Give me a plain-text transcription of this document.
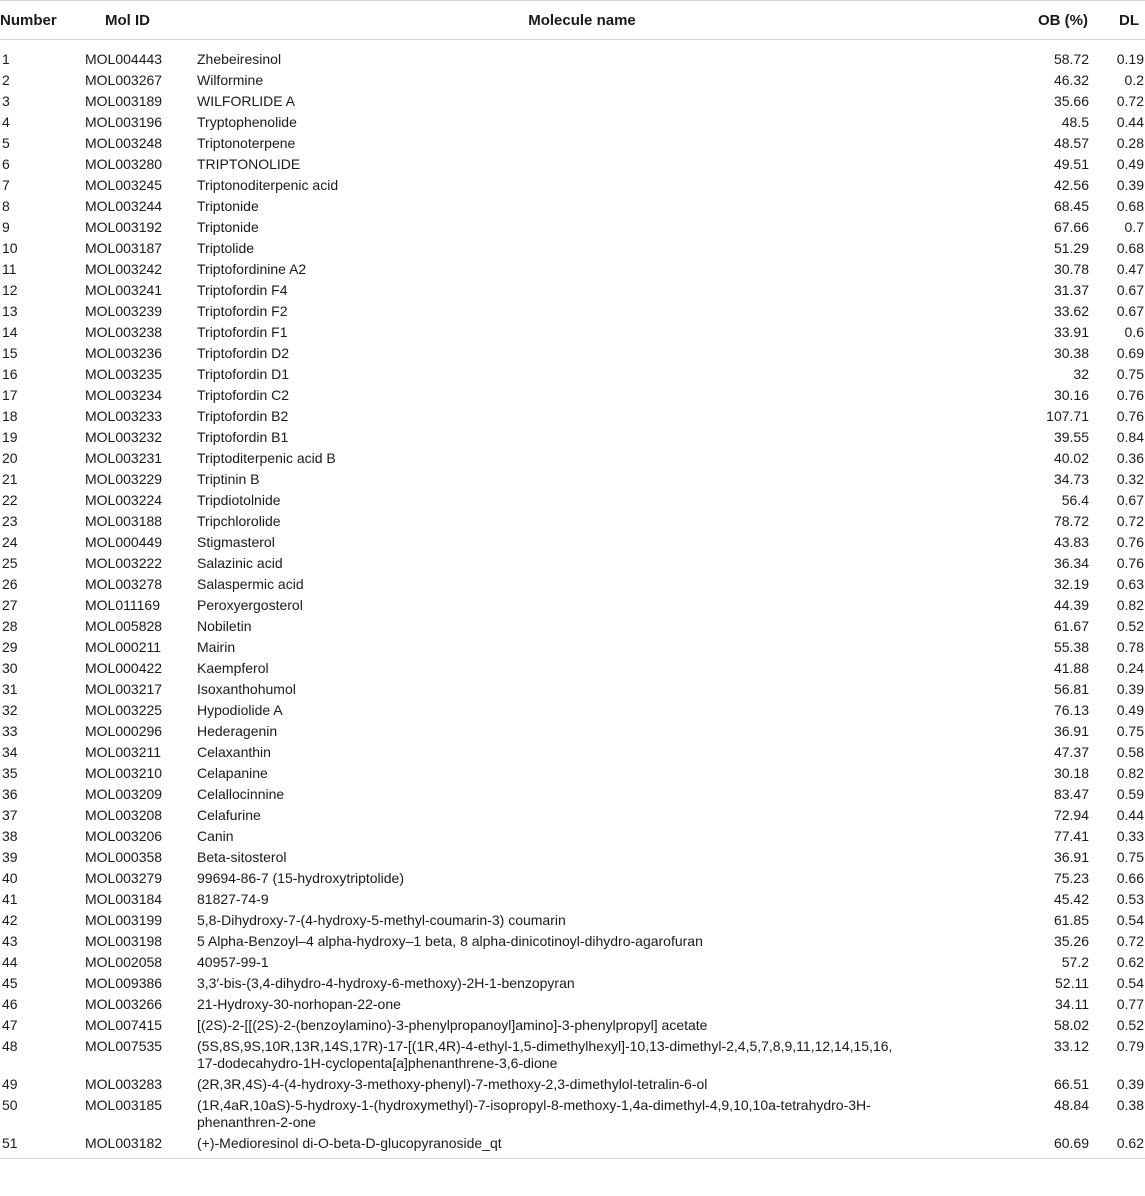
Number	Mol ID	Molecule name	OB (%)	DL
1	MOL004443	Zhebeiresinol	58.72	0.19
2	MOL003267	Wilformine	46.32	0.2
3	MOL003189	WILFORLIDE A	35.66	0.72
4	MOL003196	Tryptophenolide	48.5	0.44
5	MOL003248	Triptonoterpene	48.57	0.28
6	MOL003280	TRIPTONOLIDE	49.51	0.49
7	MOL003245	Triptonoditerpenic acid	42.56	0.39
8	MOL003244	Triptonide	68.45	0.68
9	MOL003192	Triptonide	67.66	0.7
10	MOL003187	Triptolide	51.29	0.68
11	MOL003242	Triptofordinine A2	30.78	0.47
12	MOL003241	Triptofordin F4	31.37	0.67
13	MOL003239	Triptofordin F2	33.62	0.67
14	MOL003238	Triptofordin F1	33.91	0.6
15	MOL003236	Triptofordin D2	30.38	0.69
16	MOL003235	Triptofordin D1	32	0.75
17	MOL003234	Triptofordin C2	30.16	0.76
18	MOL003233	Triptofordin B2	107.71	0.76
19	MOL003232	Triptofordin B1	39.55	0.84
20	MOL003231	Triptoditerpenic acid B	40.02	0.36
21	MOL003229	Triptinin B	34.73	0.32
22	MOL003224	Tripdiotolnide	56.4	0.67
23	MOL003188	Tripchlorolide	78.72	0.72
24	MOL000449	Stigmasterol	43.83	0.76
25	MOL003222	Salazinic acid	36.34	0.76
26	MOL003278	Salaspermic acid	32.19	0.63
27	MOL011169	Peroxyergosterol	44.39	0.82
28	MOL005828	Nobiletin	61.67	0.52
29	MOL000211	Mairin	55.38	0.78
30	MOL000422	Kaempferol	41.88	0.24
31	MOL003217	Isoxanthohumol	56.81	0.39
32	MOL003225	Hypodiolide A	76.13	0.49
33	MOL000296	Hederagenin	36.91	0.75
34	MOL003211	Celaxanthin	47.37	0.58
35	MOL003210	Celapanine	30.18	0.82
36	MOL003209	Celallocinnine	83.47	0.59
37	MOL003208	Celafurine	72.94	0.44
38	MOL003206	Canin	77.41	0.33
39	MOL000358	Beta-sitosterol	36.91	0.75
40	MOL003279	99694-86-7 (15-hydroxytriptolide)	75.23	0.66
41	MOL003184	81827-74-9	45.42	0.53
42	MOL003199	5,8-Dihydroxy-7-(4-hydroxy-5-methyl-coumarin-3) coumarin	61.85	0.54
43	MOL003198	5 Alpha-Benzoyl–4 alpha-hydroxy–1 beta, 8 alpha-dinicotinoyl-dihydro-agarofuran	35.26	0.72
44	MOL002058	40957-99-1	57.2	0.62
45	MOL009386	3,3′-bis-(3,4-dihydro-4-hydroxy-6-methoxy)-2H-1-benzopyran	52.11	0.54
46	MOL003266	21-Hydroxy-30-norhopan-22-one	34.11	0.77
47	MOL007415	[(2S)-2-[[(2S)-2-(benzoylamino)-3-phenylpropanoyl]amino]-3-phenylpropyl] acetate	58.02	0.52
48	MOL007535	(5S,8S,9S,10R,13R,14S,17R)-17-[(1R,4R)-4-ethyl-1,5-dimethylhexyl]-10,13-dimethyl-2,4,5,7,8,9,11,12,14,15,16, 17-dodecahydro-1H-cyclopenta[a]phenanthrene-3,6-dione	33.12	0.79
49	MOL003283	(2R,3R,4S)-4-(4-hydroxy-3-methoxy-phenyl)-7-methoxy-2,3-dimethylol-tetralin-6-ol	66.51	0.39
50	MOL003185	(1R,4aR,10aS)-5-hydroxy-1-(hydroxymethyl)-7-isopropyl-8-methoxy-1,4a-dimethyl-4,9,10,10a-tetrahydro-3H-phenanthren-2-one	48.84	0.38
51	MOL003182	(+)-Medioresinol di-O-beta-D-glucopyranoside_qt	60.69	0.62
